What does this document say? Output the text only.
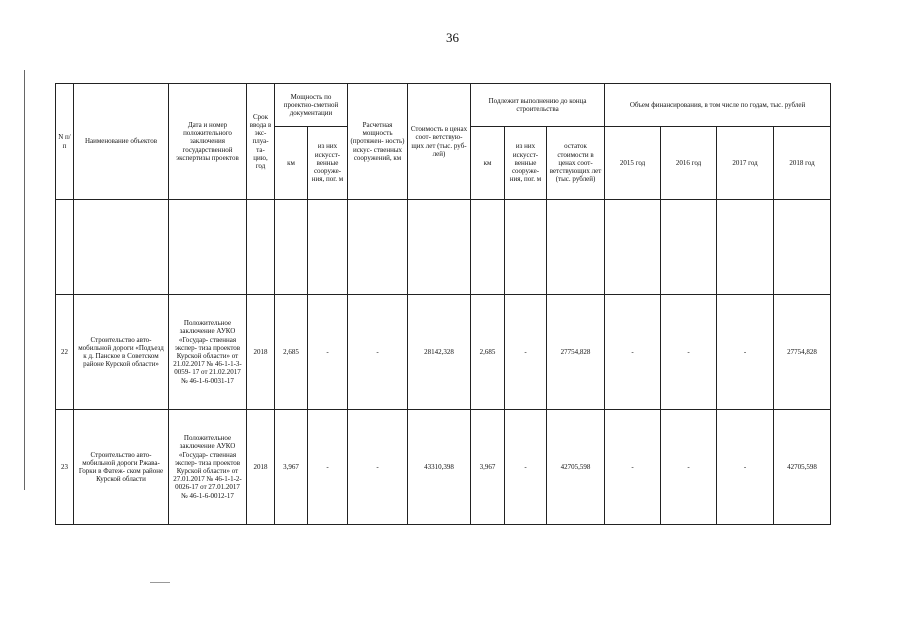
36
N п/п	Наименование объектов	Дата и номер положительного заключения государственной экспертизы проектов	Срок ввода в экс- плуа- та- цию, год	Мощность по проектно-сметной документации		Расчетная мощность (протяжен- ность) искус- ственных сооружений, км	Стоимость в ценах соот- ветствую- щих лет (тыс. руб- лей)	Подлежит выполнению до конца строительства			Объем финансирования, в том числе по годам, тыс. рублей			
				км	из них искусст- венные сооруже- ния, пог. м			км	из них искусст- венные сооруже- ния, пог. м	остаток стоимости в ценах соот- ветствующих лет (тыс. рублей)	2015 год	2016 год	2017 год	2018 год

22	Строительство авто- мобильной дороги «Подъезд к д. Панское в Советском районе Курской области»	Положительное заключение АУКО «Государ- ственная экспер- тиза проектов Курской области» от 21.02.2017 № 46-1-1-3-0059- 17 от 21.02.2017 № 46-1-6-0031-17	2018	2,685	-	-	28142,328	2,685	-	27754,828	-	-	-	27754,828
23	Строительство авто- мобильной дороги Ржава-Горки в Фатеж- ском районе Курской области	Положительное заключение АУКО «Государ- ственная экспер- тиза проектов Курской области» от 27.01.2017 № 46-1-1-2-0026-17 от 27.01.2017 № 46-1-6-0012-17	2018	3,967	-	-	43310,398	3,967	-	42705,598	-	-	-	42705,598
